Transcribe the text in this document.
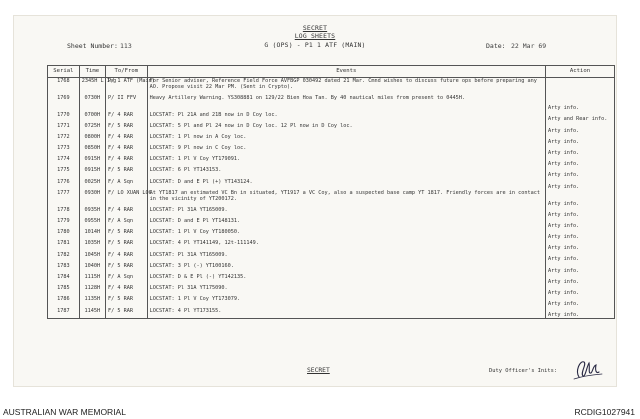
SECRET
LOG SHEETS
G (OPS) - P1 1 ATF (MAIN)
Sheet Number: 113	Date: 22 Mar 69
Serial	Time	To/From	Events	Action
1768	2345H L 1sg	P/ 1 ATF (Main)	For Senior adviser, Reference Field Force AVFBGP 030492 dated 21 Mar. Cmnd wishes to discuss future ops before preparing any AO. Propose visit 22 Mar PM. (Sent in Crypto).	
1769	0730H	P/ II FFV	Heavy Artillery Warning. YS308881 on 129/22 Bien Hoa Tan. By 40 nautical miles from present to 0445H.	Arty info.
1770	0700H	F/ 4 RAR	LOCSTAT: Pl 21A and 21B now in D Coy loc.	Arty and Rear info.
1771	0725H	F/ 5 RAR	LOCSTAT: 5 Pl and Pl 24 now in D Coy loc. 12 Pl now in D Coy loc.	Arty info.
1772	0800H	F/ 4 RAR	LOCSTAT: 1 Pl now in A Coy loc.	Arty info.
1773	0850H	F/ 4 RAR	LOCSTAT: 9 Pl now in C Coy loc.	Arty info.
1774	0915H	F/ 4 RAR	LOCSTAT: 1 Pl V Coy YT179091.	Arty info.
1775	0915H	F/ 5 RAR	LOCSTAT: 6 Pl YT143153.	Arty info.
1776	0025H	F/ A Sqn	LOCSTAT: D and E Pl (+) YT143124.	Arty info.
1777	0930H	F/ LO XUAN LOC	At YT1817 an estimated VC Bn in situated, YT1917 a VC Coy, also a suspected base camp YT 1817. Friendly forces are in contact in the vicinity of YT200172.	Arty info.
1778	0935H	F/ 4 RAR	LOCSTAT: Pl 31A YT165009.	Arty info.
1779	0955H	F/ A Sqn	LOCSTAT: D and E Pl YT148131.	Arty info.
1780	1014H	F/ 5 RAR	LOCSTAT: 1 Pl V Coy YT180050.	Arty info.
1781	1035H	F/ 5 RAR	LOCSTAT: 4 Pl YT141149, 12t-111149.	Arty info.
1782	1045H	F/ 4 RAR	LOCSTAT: Pl 31A YT165009.	Arty info.
1783	1040H	F/ 5 RAR	LOCSTAT: 3 Pl (-) YT100160.	Arty info.
1784	1115H	F/ A Sqn	LOCSTAT: D & E Pl (-) YT142135.	Arty info.
1785	1128H	F/ 4 RAR	LOCSTAT: Pl 31A YT175090.	Arty info.
1786	1135H	F/ 5 RAR	LOCSTAT: 1 Pl V Coy YT173079.	Arty info.
1787	1145H	F/ 5 RAR	LOCSTAT: 4 Pl YT173155.	Arty info.
SECRET	Duty Officer's Inits:
AUSTRALIAN WAR MEMORIAL	RCDIG1027941
